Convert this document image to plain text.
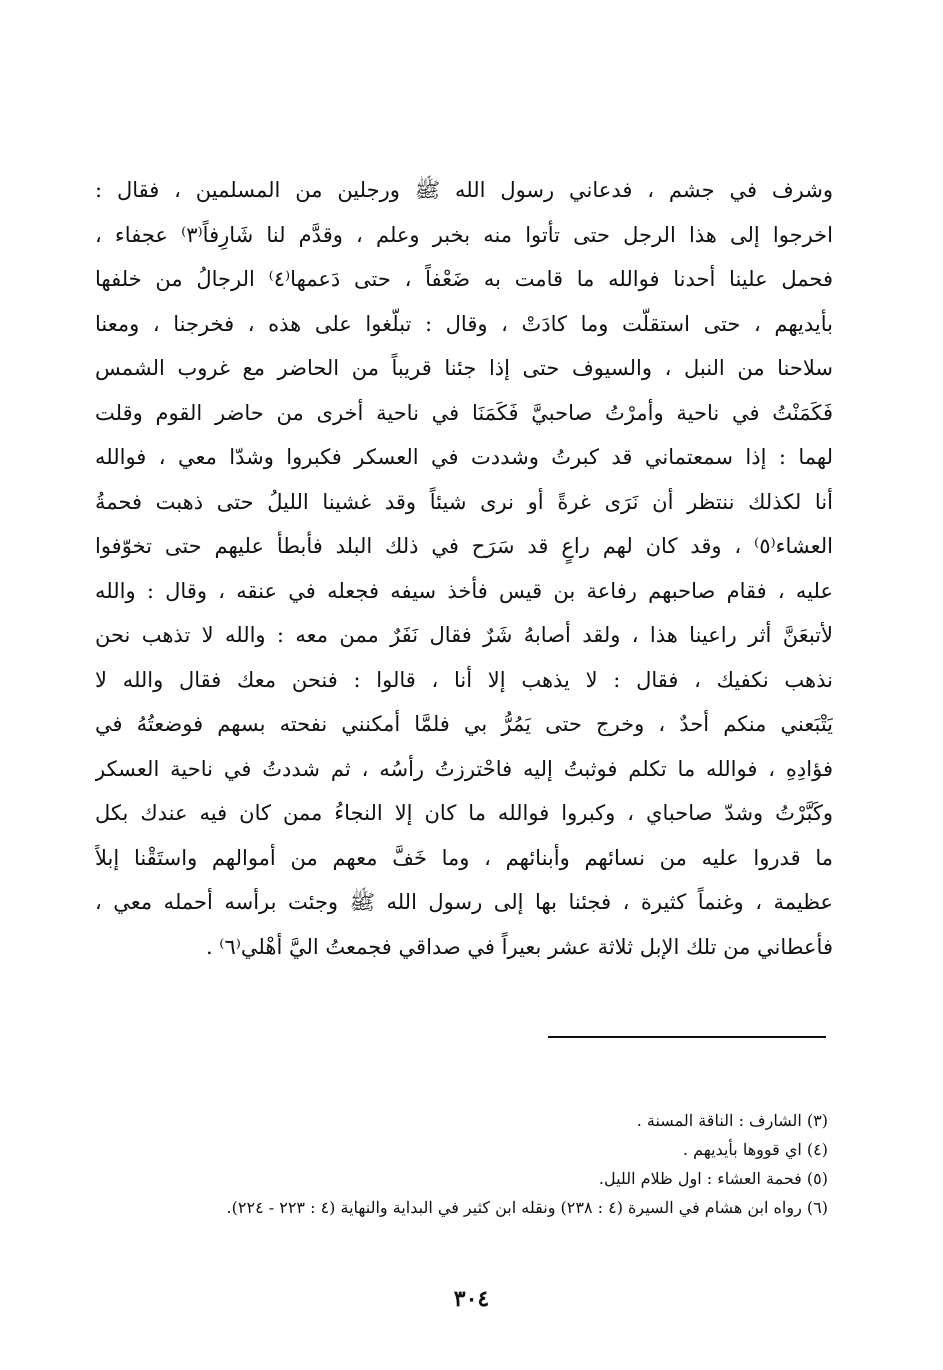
وشرف في جشم ، فدعاني رسول الله ﷺ ورجلين من المسلمين ، فقال :
اخرجوا إلى هذا الرجل حتى تأتوا منه بخبر وعلم ، وقدَّم لنا شَارِفاً⁽٣⁾ عجفاء ،
فحمل علينا أحدنا فوالله ما قامت به ضَعْفاً ، حتى دَعمها⁽٤⁾ الرجالُ من خلفها
بأيديهم ، حتى استقلّت وما كادَتْ ، وقال : تبلّغوا على هذه ، فخرجنا ، ومعنا
سلاحنا من النبل ، والسيوف حتى إذا جئنا قريباً من الحاضر مع غروب الشمس
فَكَمَنْتُ في ناحية وأمرْتُ صاحبيَّ فَكَمَنَا في ناحية أخرى من حاضر القوم وقلت
لهما : إذا سمعتماني قد كبرتُ وشددت في العسكر فكبروا وشدّا معي ، فوالله
أنا لكذلك ننتظر أن نَرَى غرةً أو نرى شيئاً وقد غشينا الليلُ حتى ذهبت فحمةُ
العشاء⁽٥⁾ ، وقد كان لهم راعٍ قد سَرَح في ذلك البلد فأبطأ عليهم حتى تخوّفوا
عليه ، فقام صاحبهم رفاعة بن قيس فأخذ سيفه فجعله في عنقه ، وقال : والله
لأتبعَنَّ أثر راعينا هذا ، ولقد أصابهُ شَرٌ فقال نَفَرٌ ممن معه : والله لا تذهب نحن
نذهب نكفيك ، فقال : لا يذهب إلا أنا ، قالوا : فنحن معك فقال والله لا
يَتْبَعني منكم أحدٌ ، وخرج حتى يَمُرُّ بي فلمَّا أمكنني نفحته بسهم فوضعتُهُ في
فؤادِهِ ، فوالله ما تكلم فوثبتُ إليه فاحْترزتُ رأسُه ، ثم شددتُ في ناحية العسكر
وكَبَّرْتُ وشدّ صاحباي ، وكبروا فوالله ما كان إلا النجاءُ ممن كان فيه عندك بكل
ما قدروا عليه من نسائهم وأبنائهم ، وما خَفَّ معهم من أموالهم واستَقْنا إبلاً
عظيمة ، وغنماً كثيرة ، فجئنا بها إلى رسول الله ﷺ وجئت برأسه أحمله معي ،
فأعطاني من تلك الإبل ثلاثة عشر بعيراً في صداقي فجمعتُ اليَّ أهْلي⁽٦⁾ .
(٣) الشارف : الناقة المسنة .
(٤) اي قووها بأيديهم .
(٥) فحمة العشاء : اول ظلام الليل.
(٦) رواه ابن هشام في السيرة (٤ : ٢٣٨) ونقله ابن كثير في البداية والنهاية (٤ : ٢٢٣ - ٢٢٤).
٣٠٤
